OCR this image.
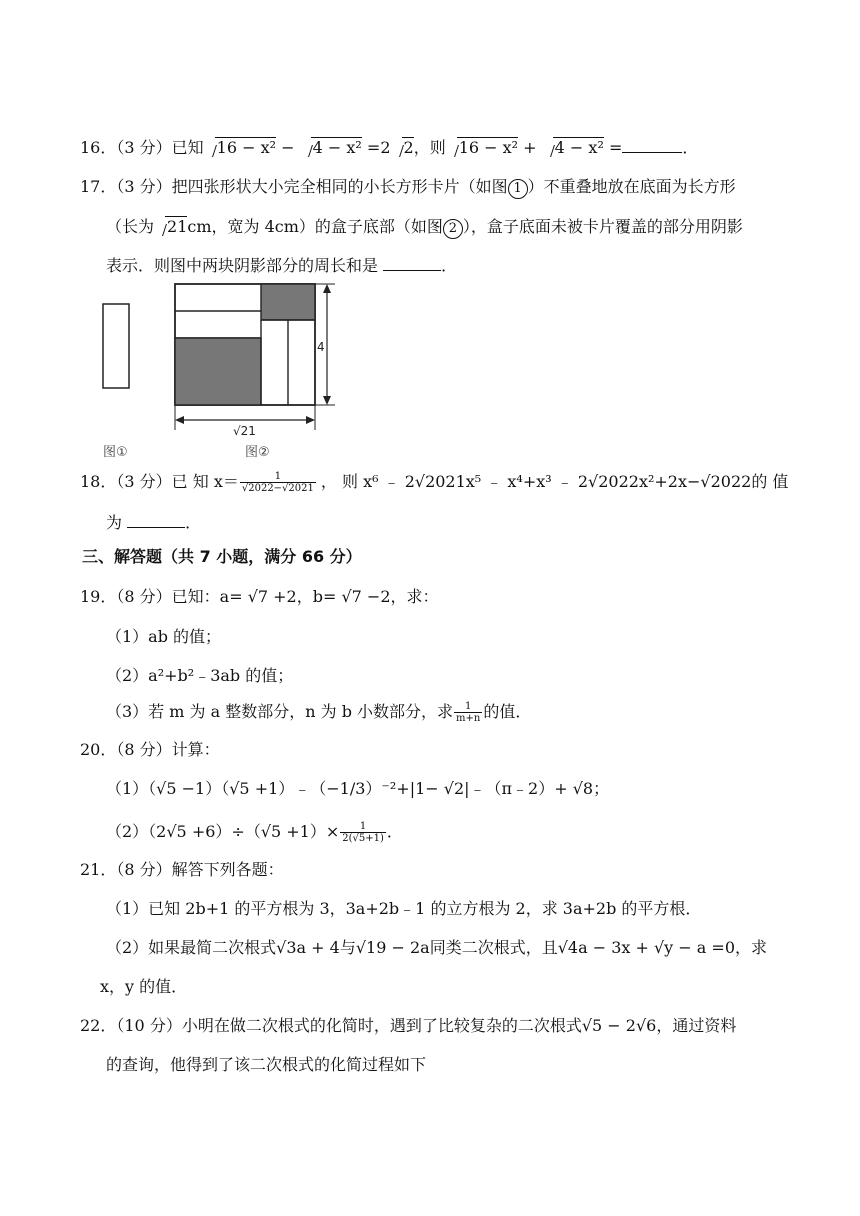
16．（3 分）已知 16 − x² − 4 − x² =2 2，则 16 − x² + 4 − x² =	．
17．（3 分）把四张形状大小完全相同的小长方形卡片（如图 1 ）不重叠地放在底面为长方形
（长为 21cm，宽为 4cm）的盒子底部（如图 2 ），盒子底面未被卡片覆盖的部分用阴影
表示．则图中两块阴影部分的周长和是	．
4
√21
图①	图②
18．（3 分）已 知 $x= \frac{1}{√2022-√2021}$ ， 则 x⁶ ﹣ 2√2021x⁵ ﹣ x⁴+x³ ﹣ 2√2022x²+2x−√2022的 值
为	．
三、解答题（共 7 小题，满分 66 分）
19．（8 分）已知：a= √7 +2，b= √7 −2，求：
（1）ab 的值；
（2）a²+b²﹣3ab 的值；
（3）若 m 为 a 整数部分，n 为 b 小数部分，求 $\frac{1}{m+n}$ 的值．
20．（8 分）计算：
（1）（√5 −1）（√5 +1）﹣（−1/3）⁻²+|1− √2|﹣（π﹣2）+ √8；
$(2)(2√5 +6)\div(√5 +1)\times \frac{1}{2(√5+1)}$ ．
21．（8 分）解答下列各题：
（1）已知 2b+1 的平方根为 3，3a+2b﹣1 的立方根为 2，求 3a+2b 的平方根．
（2）如果最简二次根式√3a + 4与√19 − 2a同类二次根式，且√4a − 3x + √y − a =0，求
x，y 的值．
22．（10 分）小明在做二次根式的化简时，遇到了比较复杂的二次根式√5 − 2√6，通过资料
的查询，他得到了该二次根式的化简过程如下
